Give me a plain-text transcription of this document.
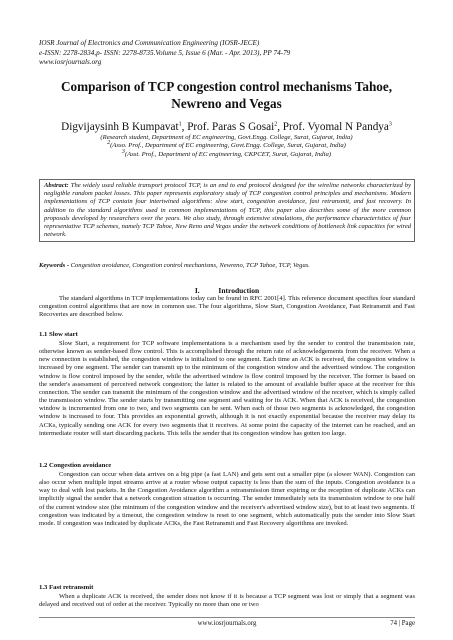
IOSR Journal of Electronics and Communication Engineering (IOSR-JECE)
e-ISSN: 2278-2834,p- ISSN: 2278-8735.Volume 5, Issue 6 (Mar. - Apr. 2013), PP 74-79
www.iosrjournals.org
Comparison of TCP congestion control mechanisms Tahoe,
Newreno and Vegas
Digvijaysinh B Kumpavat$^1$, Prof. Paras S Gosai$^2$, Prof. Vyomal N Pandya$^3$
(Research student, Department of EC engineering, Govt.Engg. College, Surat, Gujarat, India)
$^2$(Asso. Prof., Department of EC engineering, Govt.Engg. College, Surat, Gujarat, India)
$^3$(Asst. Prof., Department of EC engineering, CKPCET, Surat, Gujarat, India)
Abstract: The widely used reliable transport protocol TCP, is an end to end protocol designed for the wireline networks characterized by negligible random packet losses. This paper represents exploratory study of TCP congestion control principles and mechanisms. Modern implementations of TCP contain four intertwined algorithms: slow start, congestion avoidance, fast retransmit, and fast recovery. In addition to the standard algorithms used in common implementations of TCP, this paper also describes some of the more common proposals developed by researchers over the years. We also study, through extensive simulations, the performance characteristics of four representative TCP schemes, namely TCP Tahoe, New Reno and Vegas under the network conditions of bottleneck link capacities for wired network.
Keywords - Congestion avoidance, Congestion control mechanisms, Newreno, TCP Tahoe, TCP, Vegas.
I.          Introduction
The standard algorithms in TCP implementations today can be found in RFC 2001[4]. This reference document specifies four standard congestion control algorithms that are now in common use. The four algorithms, Slow Start, Congestion Avoidance, Fast Retransmit and Fast Recoveries are described below.
1.1 Slow start
Slow Start, a requirement for TCP software implementations is a mechanism used by the sender to control the transmission rate, otherwise known as sender-based flow control. This is accomplished through the return rate of acknowledgements from the receiver. When a new connection is established, the congestion window is initialized to one segment. Each time an ACK is received, the congestion window is increased by one segment. The sender can transmit up to the minimum of the congestion window and the advertised window. The congestion window is flow control imposed by the sender, while the advertised window is flow control imposed by the receiver. The former is based on the sender's assessment of perceived network congestion; the latter is related to the amount of available buffer space at the receiver for this connection. The sender can transmit the minimum of the congestion window and the advertised window of the receiver, which is simply called the transmission window. The sender starts by transmitting one segment and waiting for its ACK. When that ACK is received, the congestion window is incremented from one to two, and two segments can be sent. When each of those two segments is acknowledged, the congestion window is increased to four. This provides an exponential growth, although it is not exactly exponential because the receiver may delay its ACKs, typically sending one ACK for every two segments that it receives. At some point the capacity of the internet can be reached, and an intermediate router will start discarding packets. This tells the sender that its congestion window has gotten too large.
1.2 Congestion avoidance
Congestion can occur when data arrives on a big pipe (a fast LAN) and gets sent out a smaller pipe (a slower WAN). Congestion can also occur when multiple input streams arrive at a router whose output capacity is less than the sum of the inputs. Congestion avoidance is a way to deal with lost packets. In the Congestion Avoidance algorithm a retransmission timer expiring or the reception of duplicate ACKs can implicitly signal the sender that a network congestion situation is occurring. The sender immediately sets its transmission window to one half of the current window size (the minimum of the congestion window and the receiver's advertised window size), but to at least two segments. If congestion was indicated by a timeout, the congestion window is reset to one segment, which automatically puts the sender into Slow Start mode. If congestion was indicated by duplicate ACKs, the Fast Retransmit and Fast Recovery algorithms are invoked.
1.3 Fast retransmit
When a duplicate ACK is received, the sender does not know if it is because a TCP segment was lost or simply that a segment was delayed and received out of order at the receiver. Typically no more than one or two
www.iosrjournals.org	74 | Page
